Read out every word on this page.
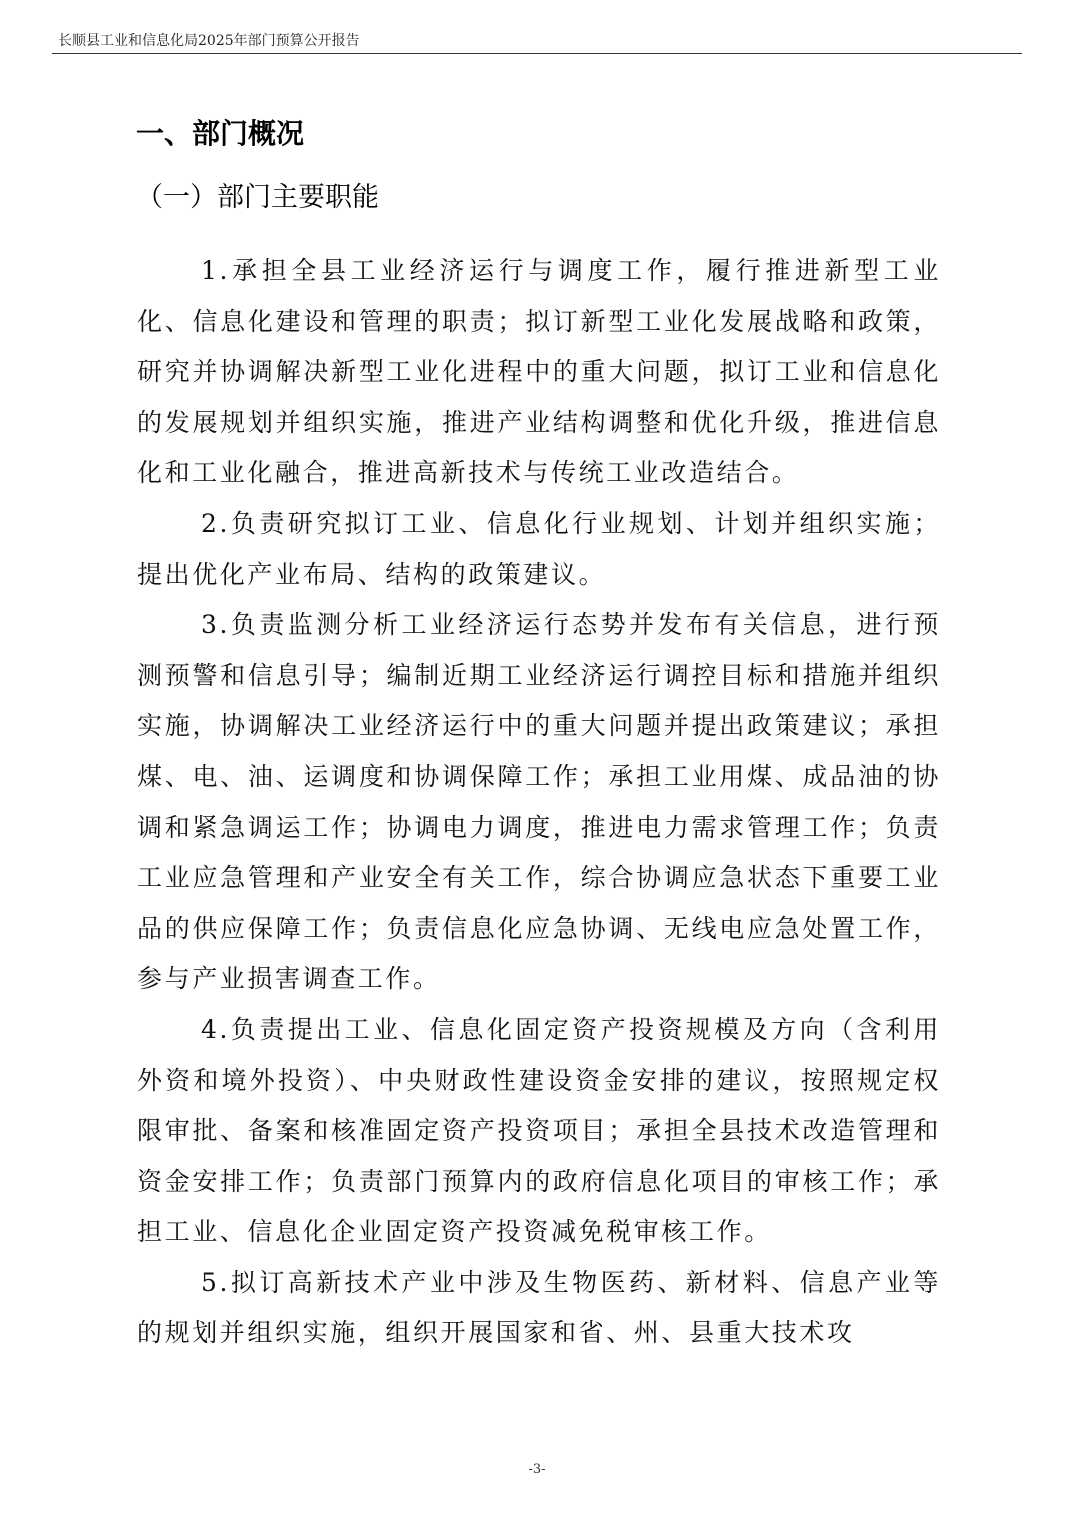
长顺县工业和信息化局2025年部门预算公开报告
一、部门概况
（一）部门主要职能

1.承担全县工业经济运行与调度工作，履行推进新型工业化、信息化建设和管理的职责；拟订新型工业化发展战略和政策，研究并协调解决新型工业化进程中的重大问题，拟订工业和信息化的发展规划并组织实施，推进产业结构调整和优化升级，推进信息化和工业化融合，推进高新技术与传统工业改造结合。

2.负责研究拟订工业、信息化行业规划、计划并组织实施；提出优化产业布局、结构的政策建议。

3.负责监测分析工业经济运行态势并发布有关信息，进行预测预警和信息引导；编制近期工业经济运行调控目标和措施并组织实施，协调解决工业经济运行中的重大问题并提出政策建议；承担煤、电、油、运调度和协调保障工作；承担工业用煤、成品油的协调和紧急调运工作；协调电力调度，推进电力需求管理工作；负责工业应急管理和产业安全有关工作，综合协调应急状态下重要工业品的供应保障工作；负责信息化应急协调、无线电应急处置工作，参与产业损害调查工作。

4.负责提出工业、信息化固定资产投资规模及方向（含利用外资和境外投资）、中央财政性建设资金安排的建议，按照规定权限审批、备案和核准固定资产投资项目；承担全县技术改造管理和资金安排工作；负责部门预算内的政府信息化项目的审核工作；承担工业、信息化企业固定资产投资减免税审核工作。

5.拟订高新技术产业中涉及生物医药、新材料、信息产业等的规划并组织实施，组织开展国家和省、州、县重大技术攻

-3-
